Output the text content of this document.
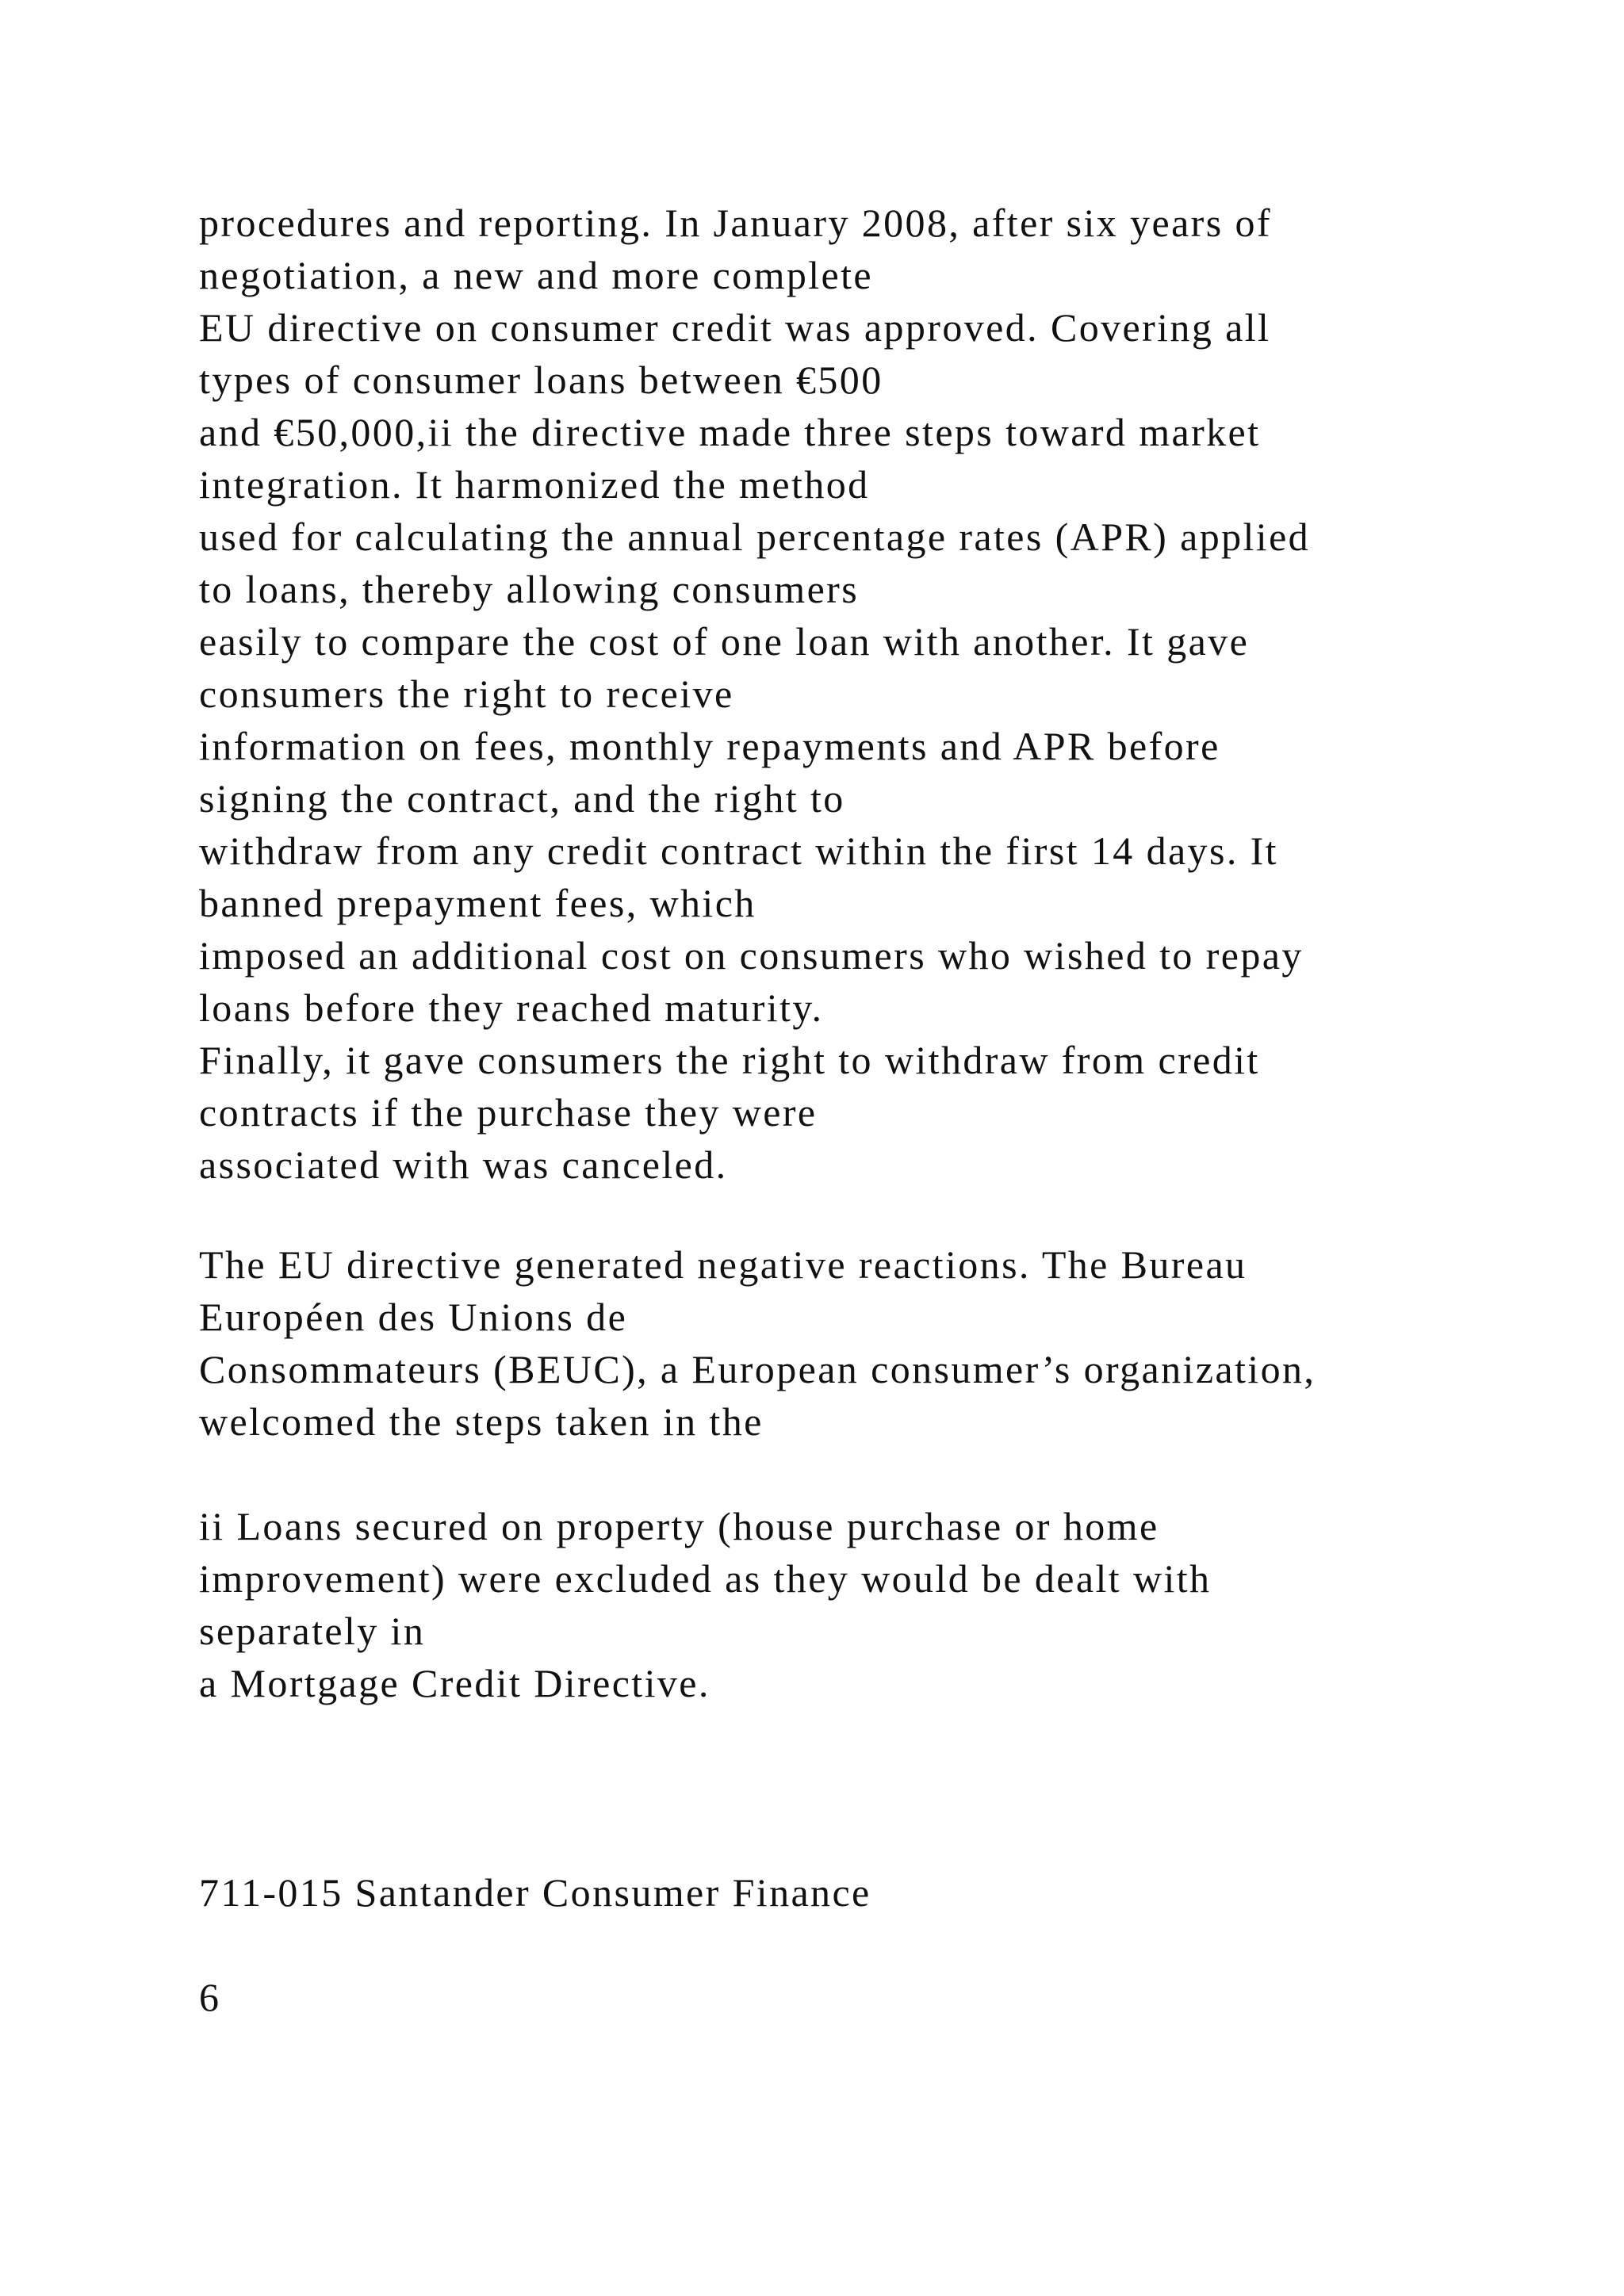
procedures and reporting. In January 2008, after six years of
negotiation, a new and more complete
EU directive on consumer credit was approved. Covering all
types of consumer loans between €500
and €50,000,ii the directive made three steps toward market
integration. It harmonized the method
used for calculating the annual percentage rates (APR) applied
to loans, thereby allowing consumers
easily to compare the cost of one loan with another. It gave
consumers the right to receive
information on fees, monthly repayments and APR before
signing the contract, and the right to
withdraw from any credit contract within the first 14 days. It
banned prepayment fees, which
imposed an additional cost on consumers who wished to repay
loans before they reached maturity.
Finally, it gave consumers the right to withdraw from credit
contracts if the purchase they were
associated with was canceled.
The EU directive generated negative reactions. The Bureau
Européen des Unions de
Consommateurs (BEUC), a European consumer’s organization,
welcomed the steps taken in the
ii Loans secured on property (house purchase or home
improvement) were excluded as they would be dealt with
separately in
a Mortgage Credit Directive.
711-015 Santander Consumer Finance
6
